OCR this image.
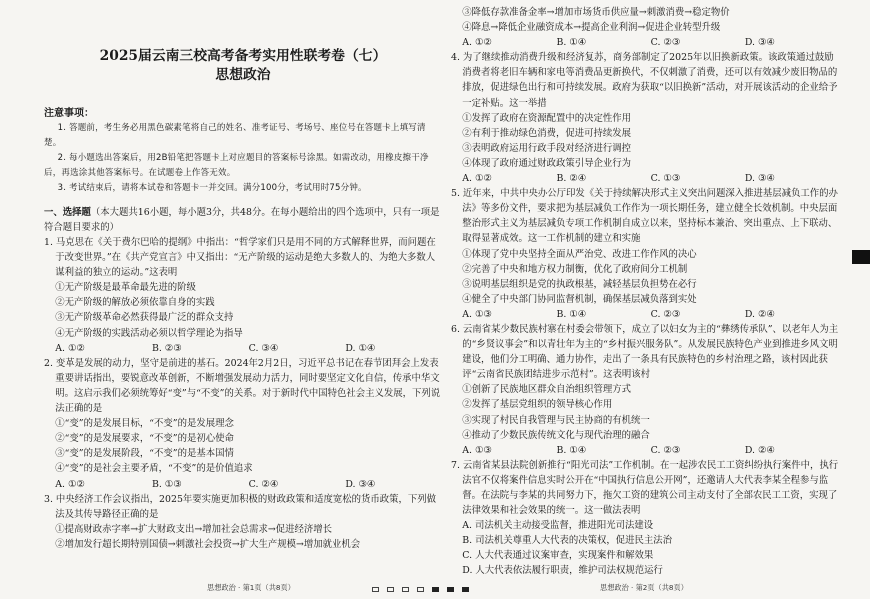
2025届云南三校高考备考实用性联考卷（七）
思想政治
注意事项：
1. 答题前，考生务必用黑色碳素笔将自己的姓名、准考证号、考场号、座位号在答题卡上填写清楚。
2. 每小题选出答案后，用2B铅笔把答题卡上对应题目的答案标号涂黑。如需改动，用橡皮擦干净后，再选涂其他答案标号。在试题卷上作答无效。
3. 考试结束后，请将本试卷和答题卡一并交回。满分100分，考试用时75分钟。
一、选择题（本大题共16小题，每小题3分，共48分。在每小题给出的四个选项中，只有一项是符合题目要求的）

1. 马克思在《关于费尔巴哈的提纲》中指出：“哲学家们只是用不同的方式解释世界，而问题在于改变世界。”在《共产党宣言》中又指出：“无产阶级的运动是绝大多数人的、为绝大多数人谋利益的独立的运动。”这表明

①无产阶级是最革命最先进的阶级

②无产阶级的解放必须依靠自身的实践

③无产阶级革命必然获得最广泛的群众支持

④无产阶级的实践活动必须以哲学理论为指导

A. ①②	B. ②③	C. ③④	D. ①④

2. 变革是发展的动力，坚守是前进的基石。2024年2月2日，习近平总书记在春节团拜会上发表重要讲话指出，要锐意改革创新，不断增强发展动力活力，同时要坚定文化自信，传承中华文明。这启示我们必须统筹好“变”与“不变”的关系。对于新时代中国特色社会主义发展，下列说法正确的是

①“变”的是发展目标，“不变”的是发展理念

②“变”的是发展要求，“不变”的是初心使命

③“变”的是发展阶段，“不变”的是基本国情

④“变”的是社会主要矛盾，“不变”的是价值追求

A. ①②	B. ①③	C. ②④	D. ③④

3. 中央经济工作会议指出，2025年要实施更加积极的财政政策和适度宽松的货币政策，下列做法及其传导路径正确的是

①提高财政赤字率→扩大财政支出→增加社会总需求→促进经济增长

②增加发行超长期特别国债→刺激社会投资→扩大生产规模→增加就业机会

③降低存款准备金率→增加市场货币供应量→刺激消费→稳定物价

④降息→降低企业融资成本→提高企业利润→促进企业转型升级

A. ①②	B. ①④	C. ②③	D. ③④

4. 为了继续推动消费升级和经济复苏，商务部制定了2025年以旧换新政策。该政策通过鼓励消费者将老旧车辆和家电等消费品更新换代，不仅刺激了消费，还可以有效减少废旧物品的排放，促进绿色出行和可持续发展。政府为获取“以旧换新”活动，对开展该活动的企业给予一定补贴。这一举措

①发挥了政府在资源配置中的决定性作用

②有利于推动绿色消费，促进可持续发展

③表明政府运用行政手段对经济进行调控

④体现了政府通过财政政策引导企业行为

A. ①②	B. ②④	C. ①③	D. ③④

5. 近年来，中共中央办公厅印发《关于持续解决形式主义突出问题深入推进基层减负工作的办法》等多份文件，要求把为基层减负工作作为一项长期任务，建立健全长效机制。中央层面整治形式主义为基层减负专项工作机制自成立以来，坚持标本兼治、突出重点、上下联动、取得显著成效。这一工作机制的建立和实施

①体现了党中央坚持全面从严治党、改进工作作风的决心

②完善了中央和地方权力制衡，优化了政府间分工机制

③说明基层组织是党的执政根基，减轻基层负担势在必行

④健全了中央部门协同监督机制，确保基层减负落到实处

A. ①③	B. ①④	C. ②③	D. ②④

6. 云南省某少数民族村寨在村委会带领下，成立了以妇女为主的“彝绣传承队”、以老年人为主的“乡贤议事会”和以青壮年为主的“乡村振兴服务队”。从发展民族特色产业到推进乡风文明建设，他们分工明确、通力协作，走出了一条具有民族特色的乡村治理之路，该村因此获评“云南省民族团结进步示范村”。这表明该村

①创新了民族地区群众自治组织管理方式

②发挥了基层党组织的领导核心作用

③实现了村民自我管理与民主协商的有机统一

④推动了少数民族传统文化与现代治理的融合

A. ①③	B. ①④	C. ②③	D. ②④

7. 云南省某县法院创新推行“阳光司法”工作机制。在一起涉农民工工资纠纷执行案件中，执行法官不仅将案件信息实时公开在“中国执行信息公开网”，还邀请人大代表李某全程参与监督。在法院与李某的共同努力下，拖欠工资的建筑公司主动支付了全部农民工工资，实现了法律效果和社会效果的统一。这一做法表明

A. 司法机关主动接受监督，推进阳光司法建设

B. 司法机关尊重人大代表的决策权，促进民主法治

C. 人大代表通过议案审查，实现案件和解效果

D. 人大代表依法履行职责，维护司法权规范运行

思想政治 · 第1页（共8页）	思想政治 · 第2页（共8页）
